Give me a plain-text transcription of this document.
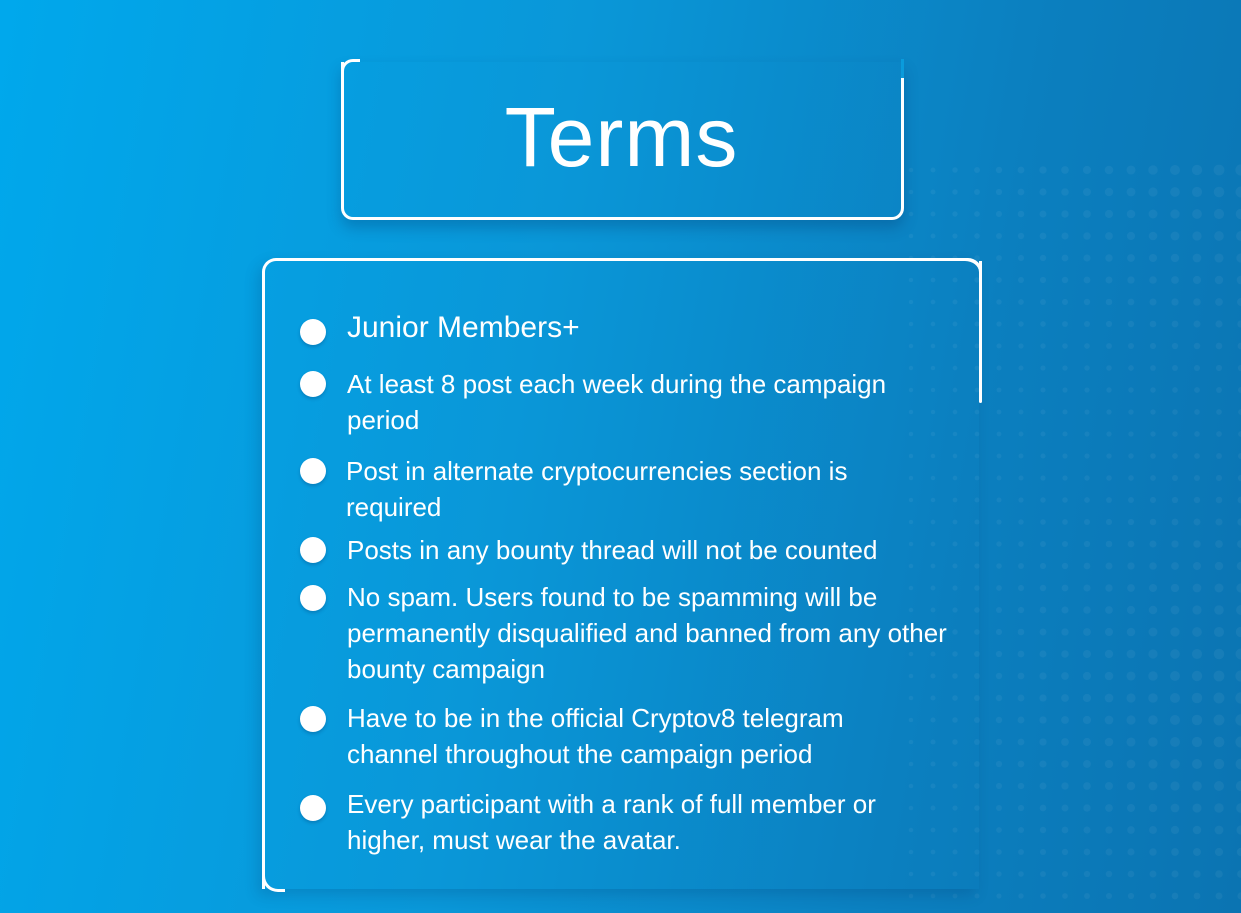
Terms
Junior Members+
At least 8 post each week during the campaign period
Post in alternate cryptocurrencies section is required
Posts in any bounty thread will not be counted
No spam. Users found to be spamming will be permanently disqualified and banned from any other bounty campaign
Have to be in the official Cryptov8 telegram channel throughout the campaign period
Every participant with a rank of full member or higher, must wear the avatar.
